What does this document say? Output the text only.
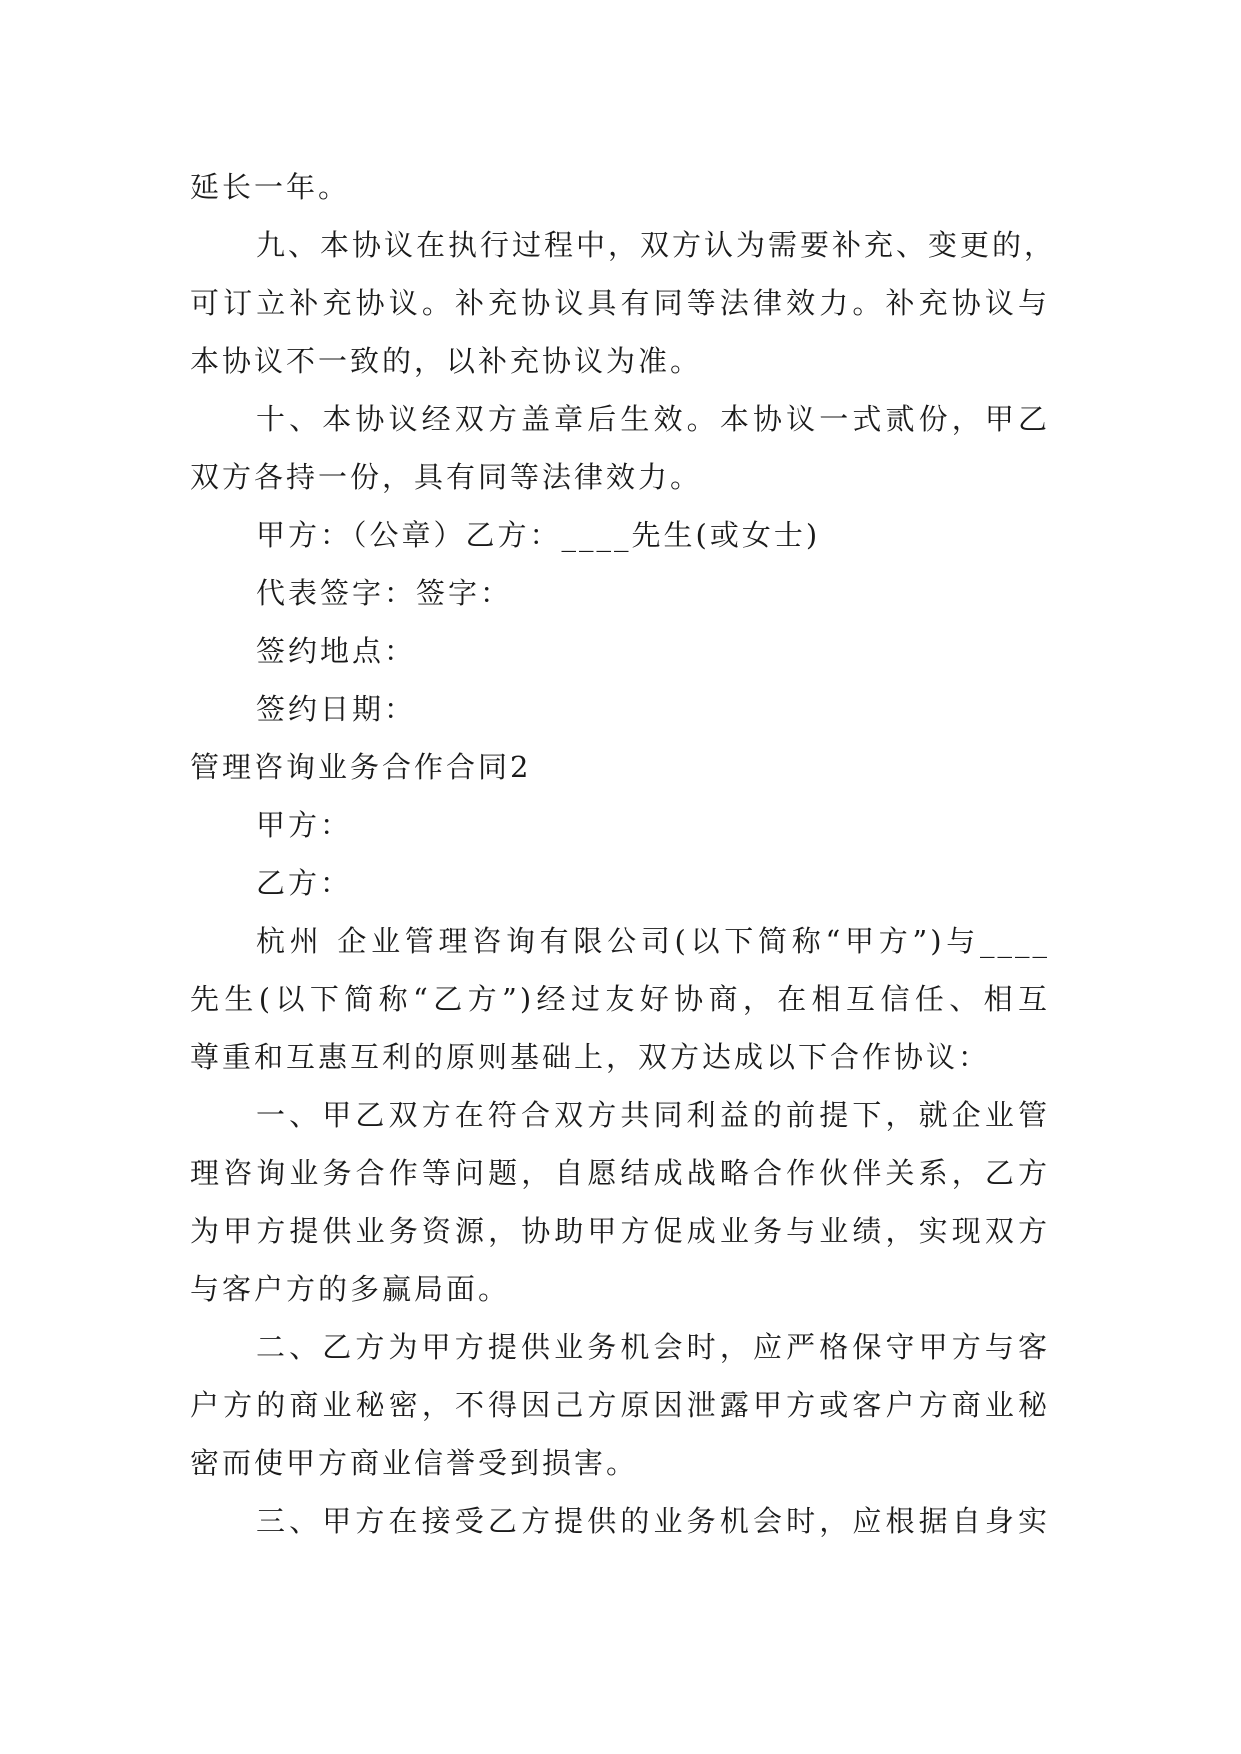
延长一年。
九、本协议在执行过程中，双方认为需要补充、变更的，
可订立补充协议。补充协议具有同等法律效力。补充协议与
本协议不一致的，以补充协议为准。
十、本协议经双方盖章后生效。本协议一式贰份，甲乙
双方各持一份，具有同等法律效力。
甲方：（公章）乙方：____先生(或女士)
代表签字：签字：
签约地点：
签约日期：
管理咨询业务合作合同2
甲方：
乙方：
杭州 企业管理咨询有限公司(以下简称“甲方”)与____
先生(以下简称“乙方”)经过友好协商，在相互信任、相互
尊重和互惠互利的原则基础上，双方达成以下合作协议：
一、甲乙双方在符合双方共同利益的前提下，就企业管
理咨询业务合作等问题，自愿结成战略合作伙伴关系，乙方
为甲方提供业务资源，协助甲方促成业务与业绩，实现双方
与客户方的多赢局面。
二、乙方为甲方提供业务机会时，应严格保守甲方与客
户方的商业秘密，不得因己方原因泄露甲方或客户方商业秘
密而使甲方商业信誉受到损害。
三、甲方在接受乙方提供的业务机会时，应根据自身实
